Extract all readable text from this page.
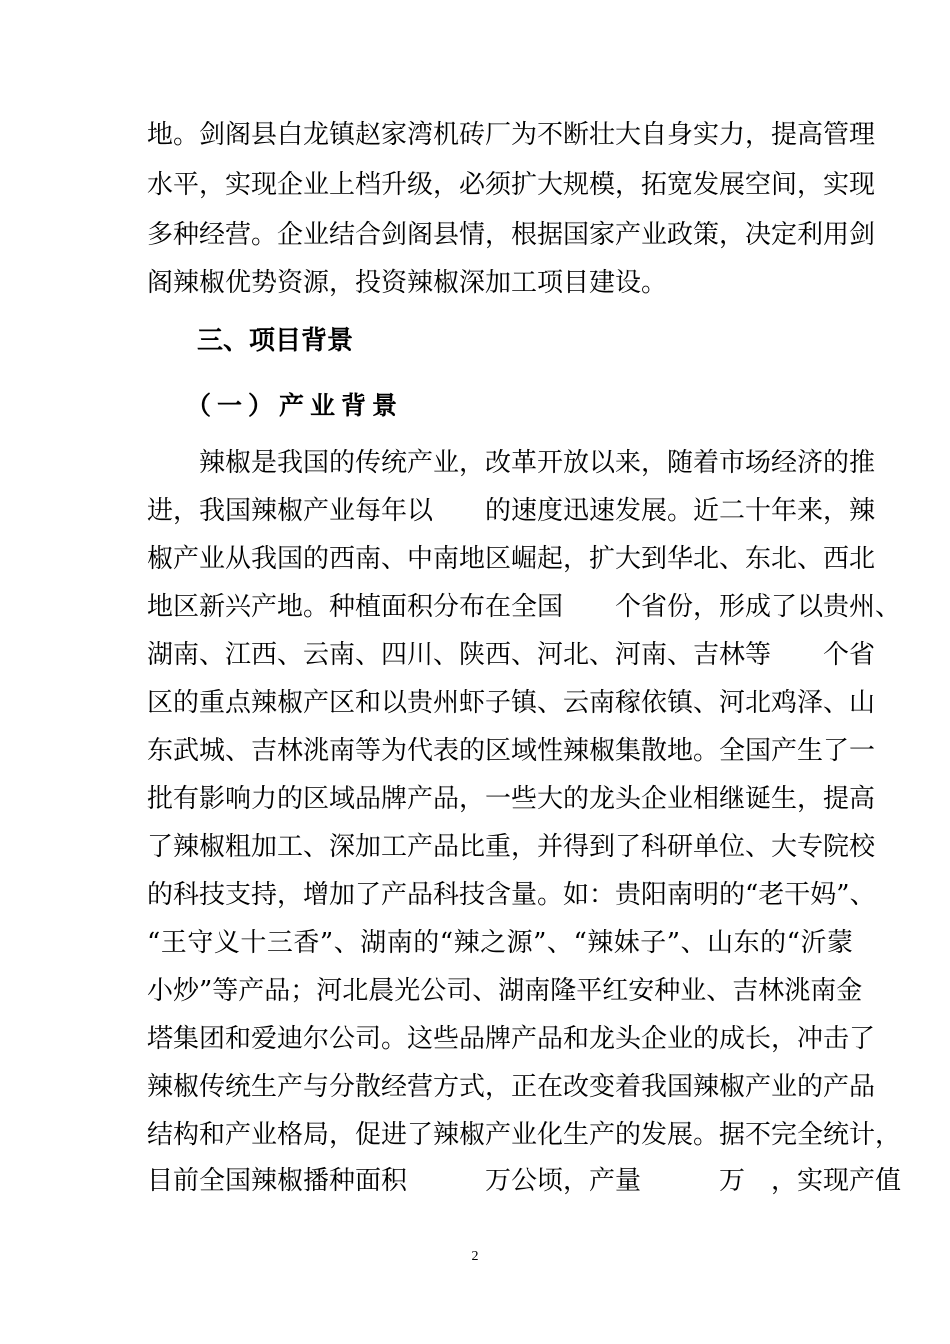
地。剑阁县白龙镇赵家湾机砖厂为不断壮大自身实力，提高管理
水平，实现企业上档升级，必须扩大规模，拓宽发展空间，实现
多种经营。企业结合剑阁县情，根据国家产业政策，决定利用剑
阁辣椒优势资源，投资辣椒深加工项目建设。
三、项目背景
（一）产业背景
　　辣椒是我国的传统产业，改革开放以来，随着市场经济的推
进，我国辣椒产业每年以　　的速度迅速发展。近二十年来，辣
椒产业从我国的西南、中南地区崛起，扩大到华北、东北、西北
地区新兴产地。种植面积分布在全国　　个省份，形成了以贵州、
湖南、江西、云南、四川、陕西、河北、河南、吉林等　　个省
区的重点辣椒产区和以贵州虾子镇、云南稼依镇、河北鸡泽、山
东武城、吉林洮南等为代表的区域性辣椒集散地。全国产生了一
批有影响力的区域品牌产品，一些大的龙头企业相继诞生，提高
了辣椒粗加工、深加工产品比重，并得到了科研单位、大专院校
的科技支持，增加了产品科技含量。如：贵阳南明的“老干妈”、
“王守义十三香”、湖南的“辣之源”、“辣妹子”、山东的“沂蒙
小炒”等产品；河北晨光公司、湖南隆平红安种业、吉林洮南金
塔集团和爱迪尔公司。这些品牌产品和龙头企业的成长，冲击了
辣椒传统生产与分散经营方式，正在改变着我国辣椒产业的产品
结构和产业格局，促进了辣椒产业化生产的发展。据不完全统计，
目前全国辣椒播种面积　　　万公顷，产量　　　万　，实现产值
2
